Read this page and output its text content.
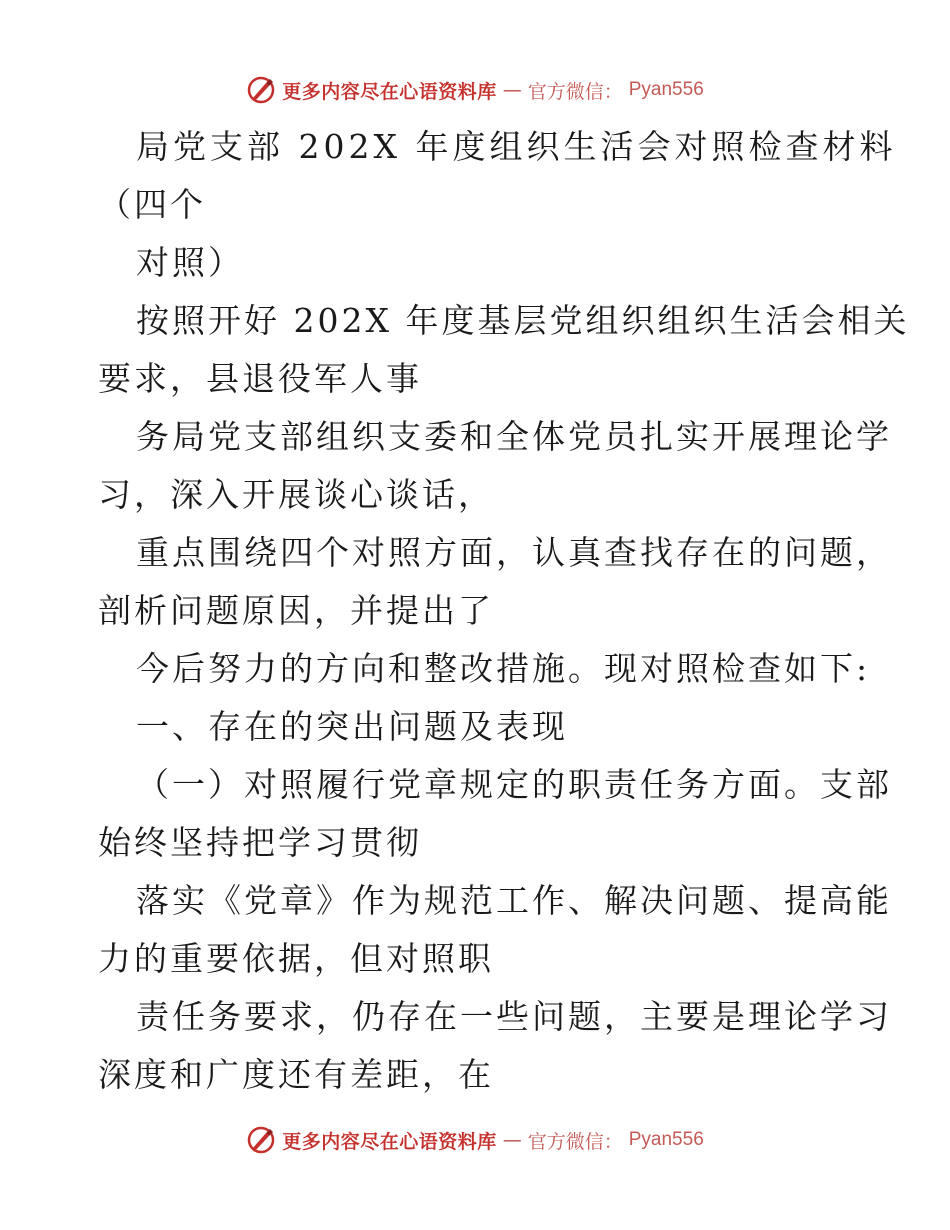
更多内容尽在心语资料库 — 官方微信： Pyan556
局党支部 202X 年度组织生活会对照检查材料
（四个
对照）
按照开好 202X 年度基层党组织组织生活会相关
要求，县退役军人事
务局党支部组织支委和全体党员扎实开展理论学
习，深入开展谈心谈话，
重点围绕四个对照方面，认真查找存在的问题，
剖析问题原因，并提出了
今后努力的方向和整改措施。现对照检查如下:
一、存在的突出问题及表现
（一）对照履行党章规定的职责任务方面。支部
始终坚持把学习贯彻
落实《党章》作为规范工作、解决问题、提高能
力的重要依据，但对照职
责任务要求，仍存在一些问题，主要是理论学习
深度和广度还有差距，在
更多内容尽在心语资料库 — 官方微信： Pyan556
